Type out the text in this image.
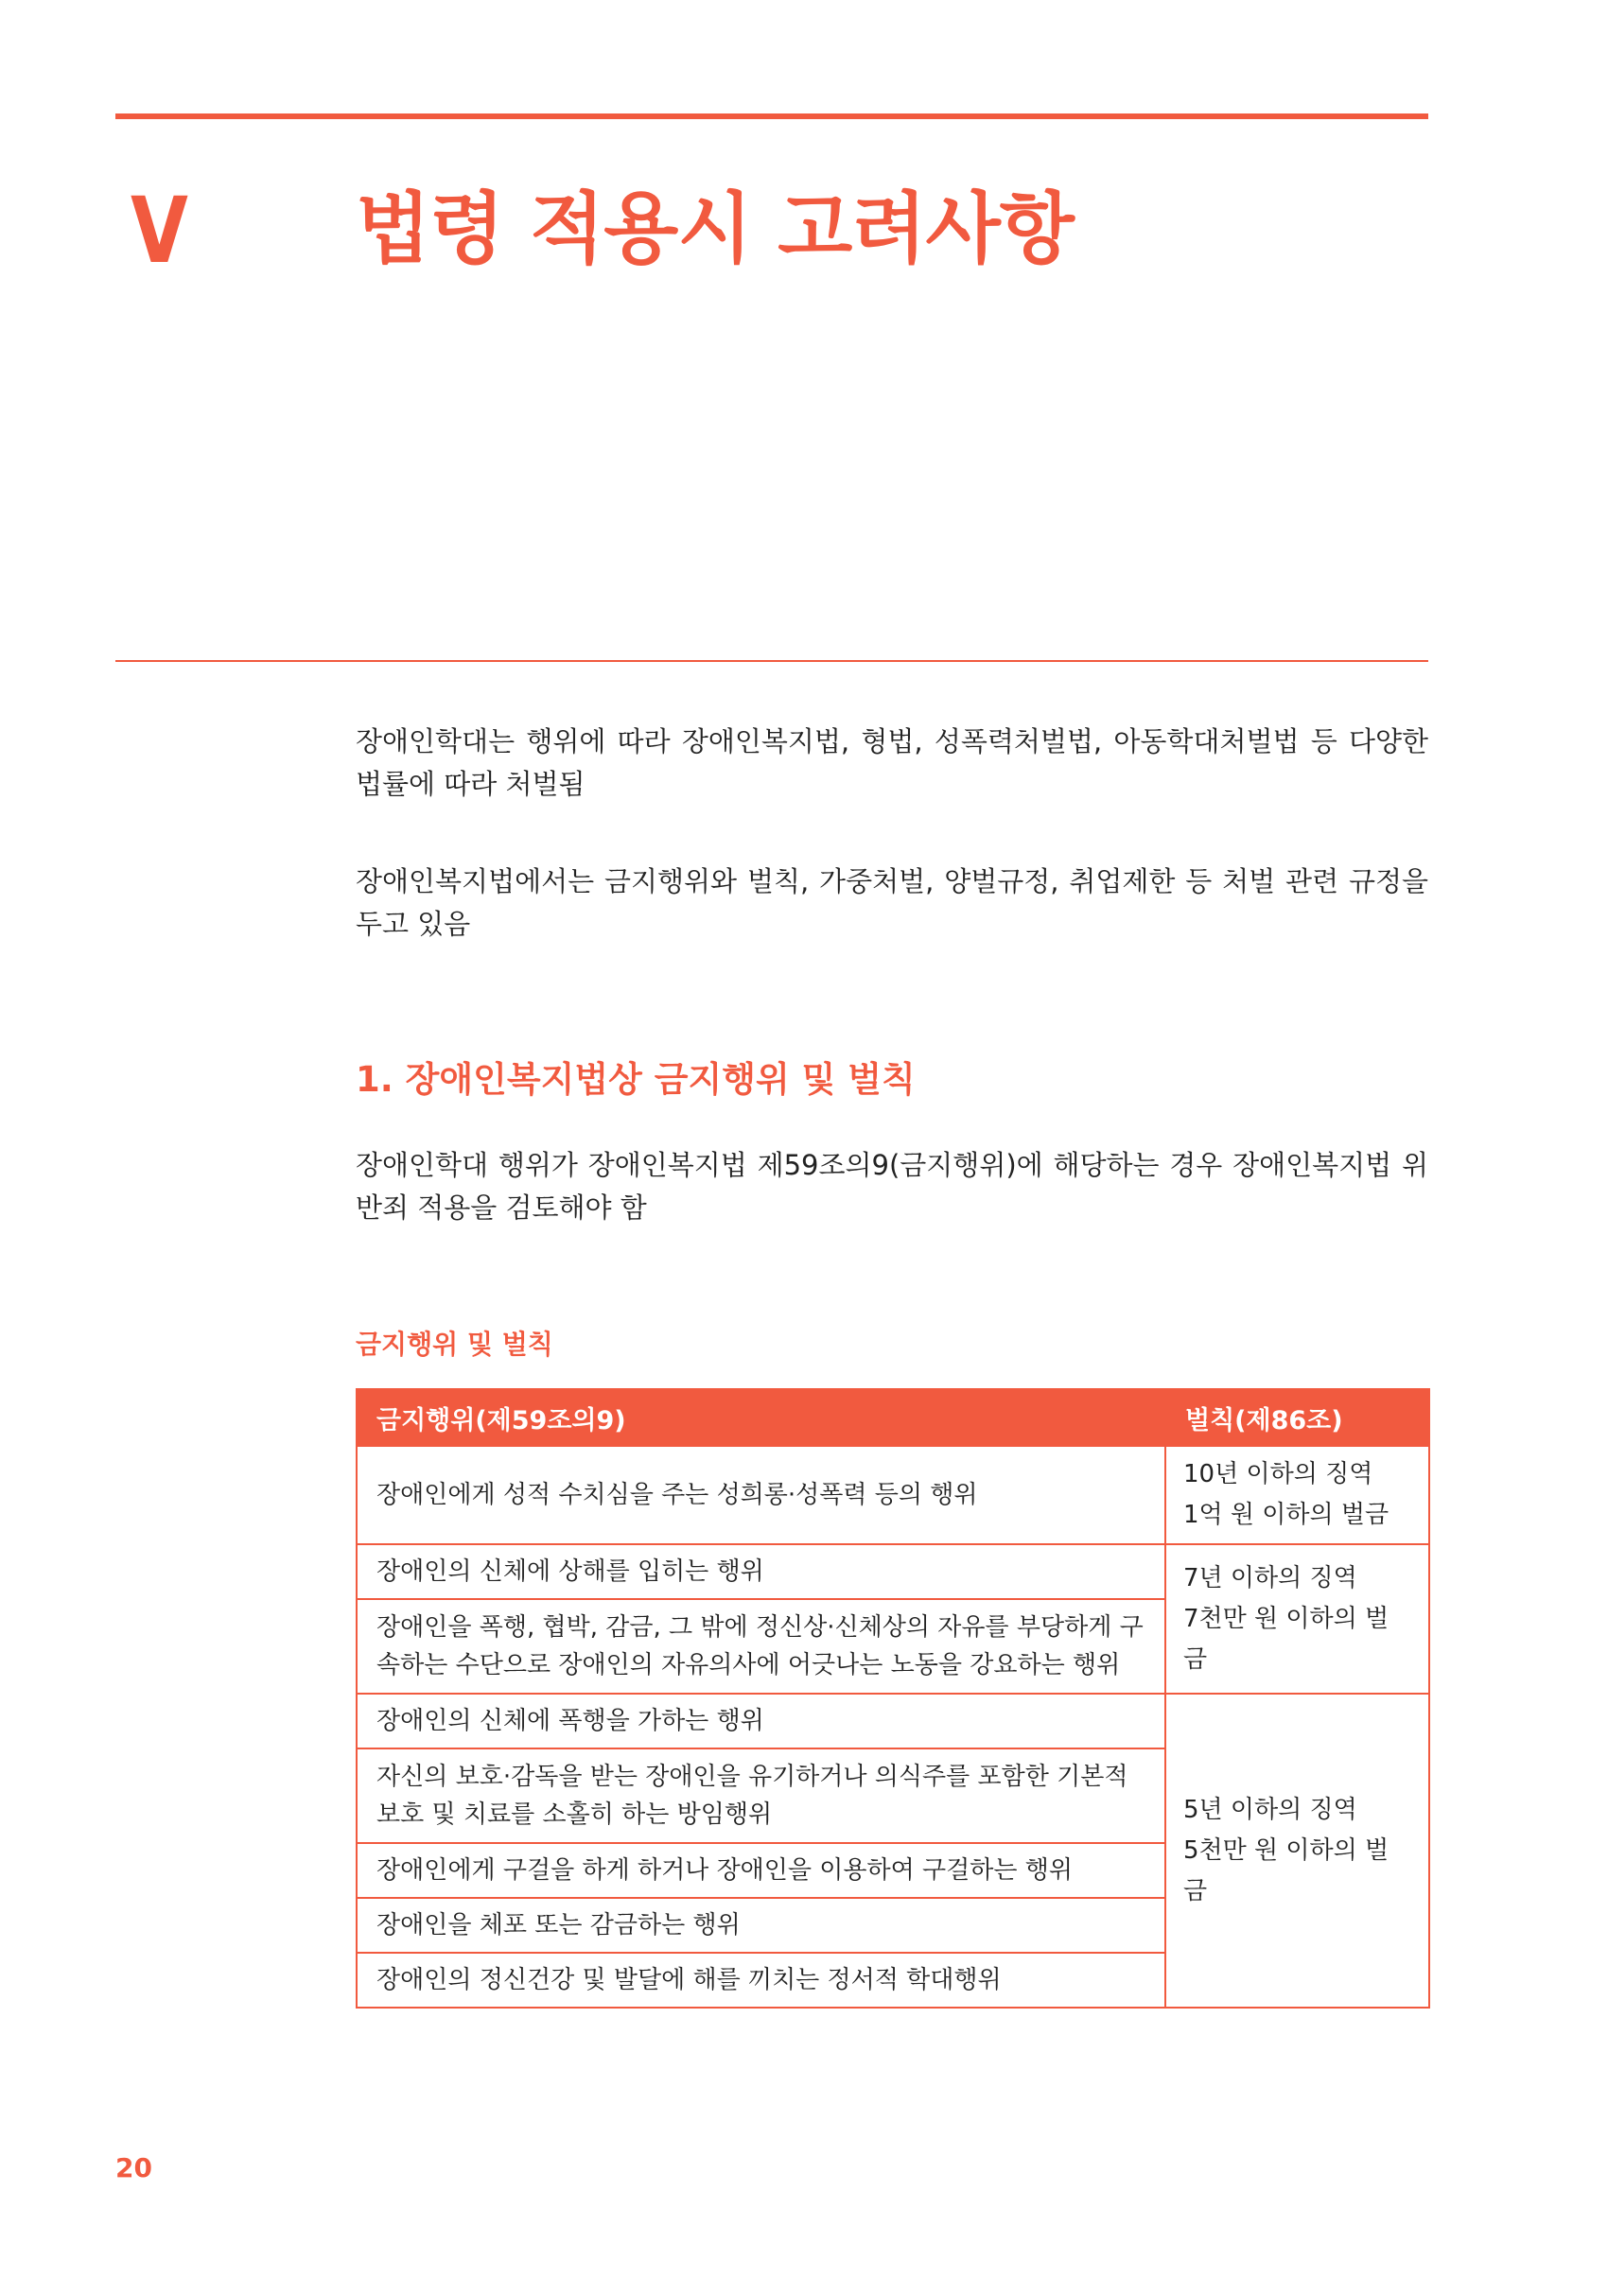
V 법령 적용시 고려사항

장애인학대는 행위에 따라 장애인복지법, 형법, 성폭력처벌법, 아동학대처벌법 등 다양한 법률에 따라 처벌됨

장애인복지법에서는 금지행위와 벌칙, 가중처벌, 양벌규정, 취업제한 등 처벌 관련 규정을 두고 있음

1. 장애인복지법상 금지행위 및 벌칙

장애인학대 행위가 장애인복지법 제59조의9(금지행위)에 해당하는 경우 장애인복지법 위반죄 적용을 검토해야 함

금지행위 및 벌칙
금지행위(제59조의9)	벌칙(제86조)
장애인에게 성적 수치심을 주는 성희롱·성폭력 등의 행위	10년 이하의 징역
1억 원 이하의 벌금

장애인의 신체에 상해를 입히는 행위	7년 이하의 징역
7천만 원 이하의 벌금

장애인을 폭행, 협박, 감금, 그 밖에 정신상·신체상의 자유를 부당하게 구속하는 수단으로 장애인의 자유의사에 어긋나는 노동을 강요하는 행위	
장애인의 신체에 폭행을 가하는 행위	5년 이하의 징역
5천만 원 이하의 벌금

자신의 보호·감독을 받는 장애인을 유기하거나 의식주를 포함한 기본적 보호 및 치료를 소홀히 하는 방임행위	
장애인에게 구걸을 하게 하거나 장애인을 이용하여 구걸하는 행위	
장애인을 체포 또는 감금하는 행위	
장애인의 정신건강 및 발달에 해를 끼치는 정서적 학대행위	
20
